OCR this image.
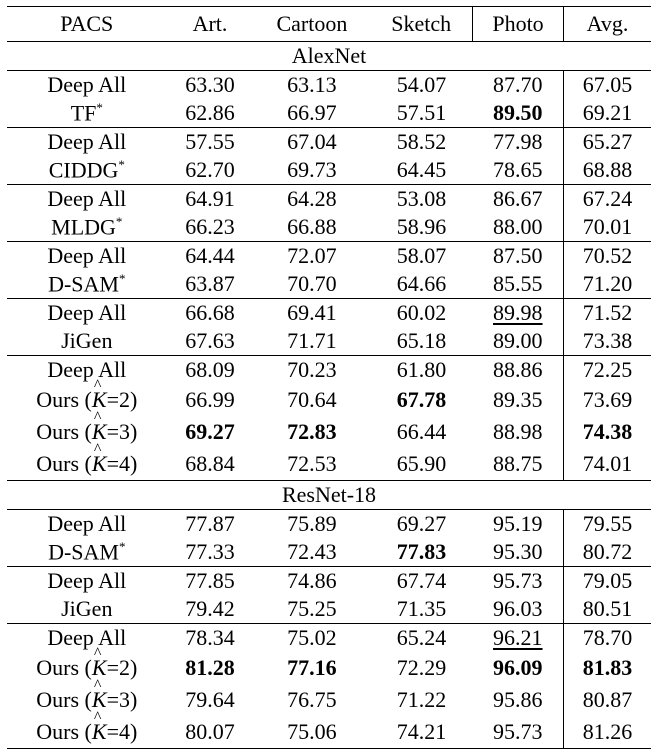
PACS	Art.	Cartoon	Sketch	Photo	Avg.
AlexNet					
Deep All	63.30	63.13	54.07	87.70	67.05
TF*	62.86	66.97	57.51	89.50	69.21
Deep All	57.55	67.04	58.52	77.98	65.27
CIDDG*	62.70	69.73	64.45	78.65	68.88
Deep All	64.91	64.28	53.08	86.67	67.24
MLDG*	66.23	66.88	58.96	88.00	70.01
Deep All	64.44	72.07	58.07	87.50	70.52
D-SAM*	63.87	70.70	64.66	85.55	71.20
Deep All	66.68	69.41	60.02	89.98	71.52
JiGen	67.63	71.71	65.18	89.00	73.38
Deep All	68.09	70.23	61.80	88.86	72.25
Ours (^ K=2)	66.99	70.64	67.78	89.35	73.69
Ours (^ K=3)	69.27	72.83	66.44	88.98	74.38
Ours (^ K=4)	68.84	72.53	65.90	88.75	74.01
ResNet-18					
Deep All	77.87	75.89	69.27	95.19	79.55
D-SAM*	77.33	72.43	77.83	95.30	80.72
Deep All	77.85	74.86	67.74	95.73	79.05
JiGen	79.42	75.25	71.35	96.03	80.51
Deep All	78.34	75.02	65.24	96.21	78.70
Ours (^ K=2)	81.28	77.16	72.29	96.09	81.83
Ours (^ K=3)	79.64	76.75	71.22	95.86	80.87
Ours (^ K=4)	80.07	75.06	74.21	95.73	81.26
